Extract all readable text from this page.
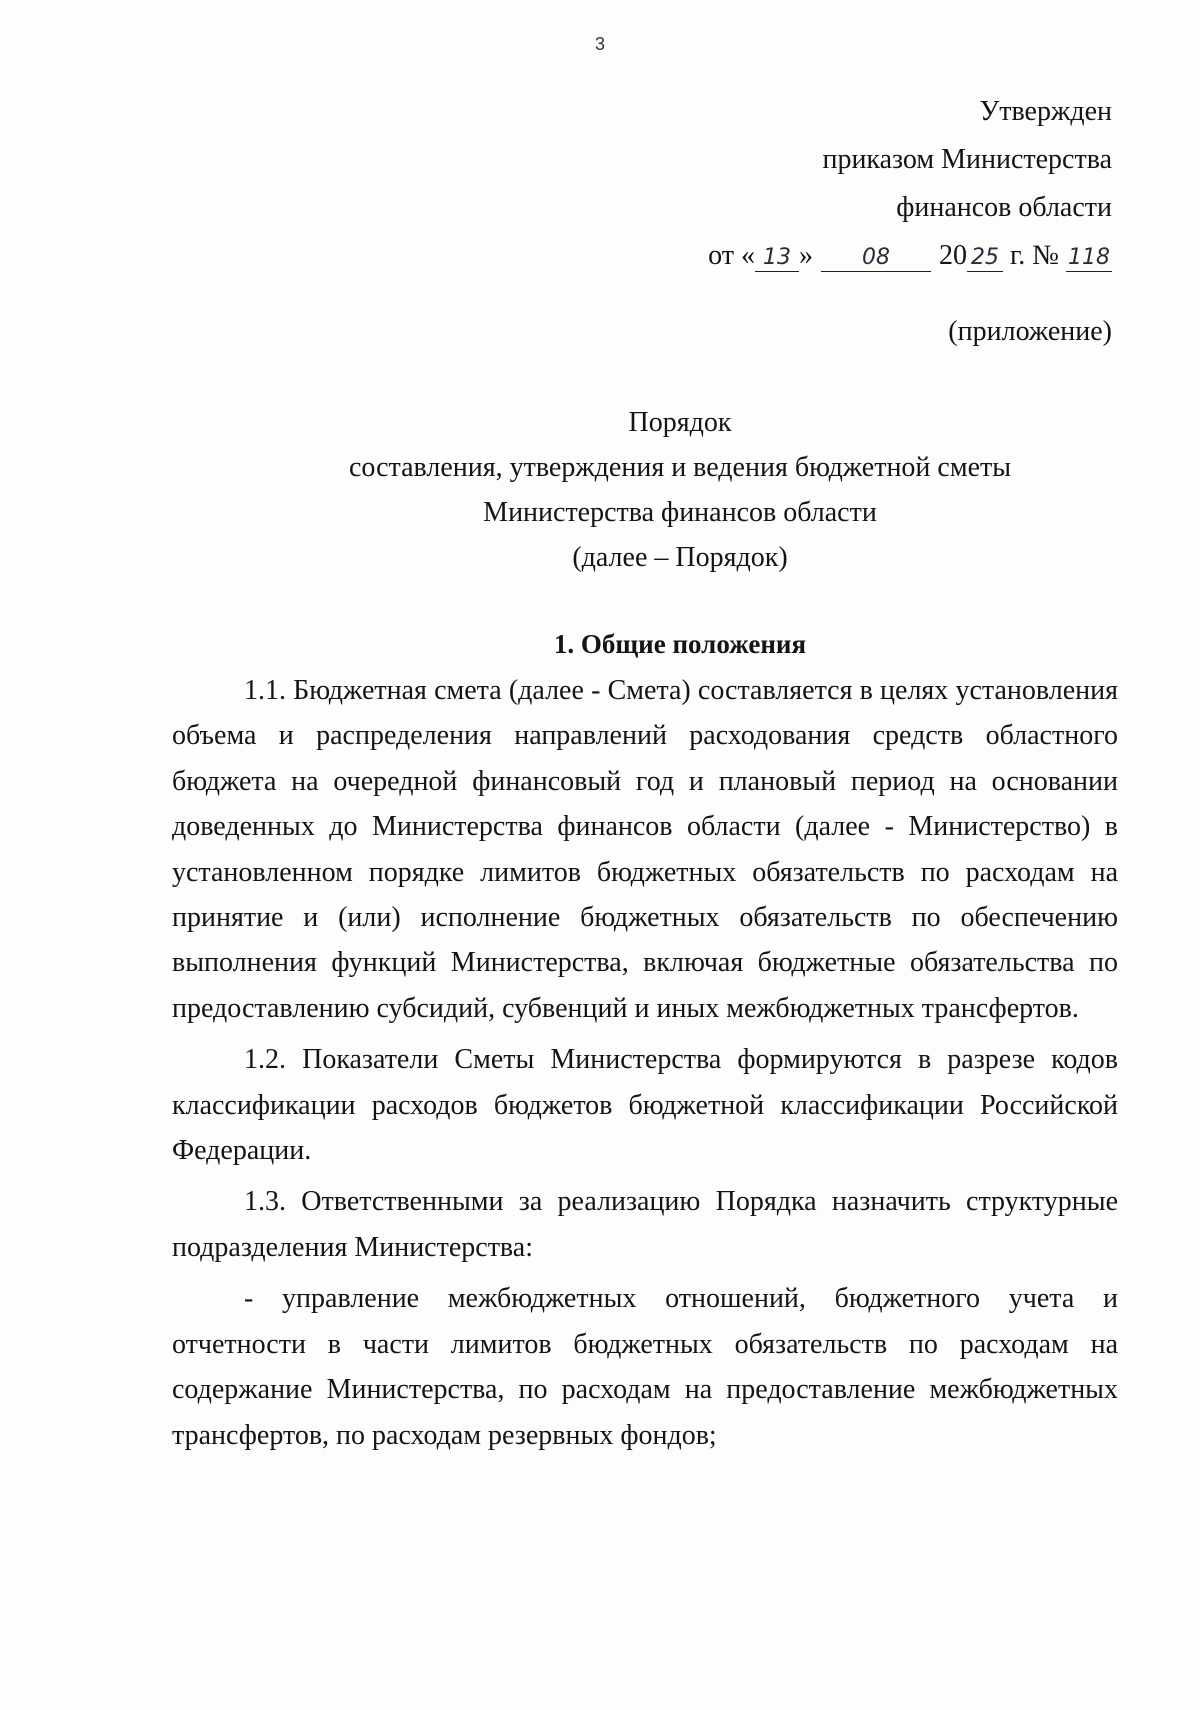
3
Утвержден
приказом Министерства
финансов области
от « 13 » 08 20 25 г. № 118
(приложение)
Порядок
составления, утверждения и ведения бюджетной сметы
Министерства финансов области
(далее – Порядок)
1. Общие положения

1.1. Бюджетная смета (далее - Смета) составляется в целях установления объема и распределения направлений расходования средств областного бюджета на очередной финансовый год и плановый период на основании доведенных до Министерства финансов области (далее - Министерство) в установленном порядке лимитов бюджетных обязательств по расходам на принятие и (или) исполнение бюджетных обязательств по обеспечению выполнения функций Министерства, включая бюджетные обязательства по предоставлению субсидий, субвенций и иных межбюджетных трансфертов.

1.2. Показатели Сметы Министерства формируются в разрезе кодов классификации расходов бюджетов бюджетной классификации Российской Федерации.

1.3. Ответственными за реализацию Порядка назначить структурные подразделения Министерства:

- управление межбюджетных отношений, бюджетного учета и отчетности в части лимитов бюджетных обязательств по расходам на содержание Министерства, по расходам на предоставление межбюджетных трансфертов, по расходам резервных фондов;
